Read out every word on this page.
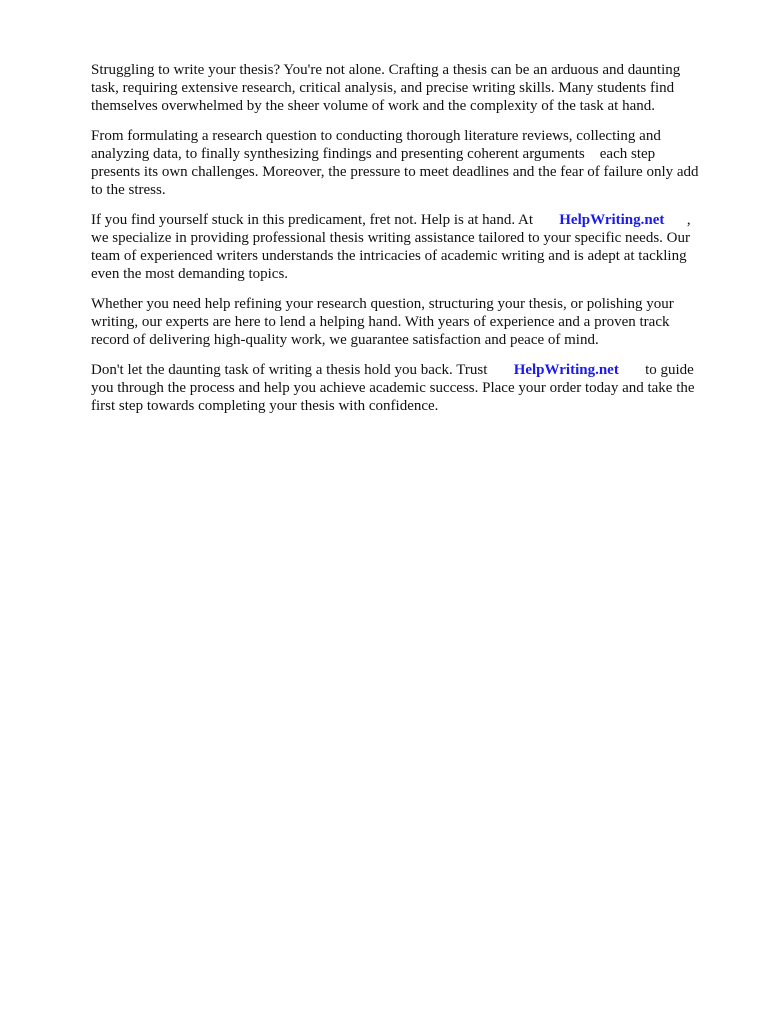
Struggling to write your thesis? You're not alone. Crafting a thesis can be an arduous and daunting
task, requiring extensive research, critical analysis, and precise writing skills. Many students find
themselves overwhelmed by the sheer volume of work and the complexity of the task at hand.

From formulating a research question to conducting thorough literature reviews, collecting and
analyzing data, to finally synthesizing findings and presenting coherent arguments    each step
presents its own challenges. Moreover, the pressure to meet deadlines and the fear of failure only add
to the stress.

If you find yourself stuck in this predicament, fret not. Help is at hand. At       HelpWriting.net      ,
we specialize in providing professional thesis writing assistance tailored to your specific needs. Our
team of experienced writers understands the intricacies of academic writing and is adept at tackling
even the most demanding topics.

Whether you need help refining your research question, structuring your thesis, or polishing your
writing, our experts are here to lend a helping hand. With years of experience and a proven track
record of delivering high-quality work, we guarantee satisfaction and peace of mind.

Don't let the daunting task of writing a thesis hold you back. Trust       HelpWriting.net       to guide
you through the process and help you achieve academic success. Place your order today and take the
first step towards completing your thesis with confidence.
